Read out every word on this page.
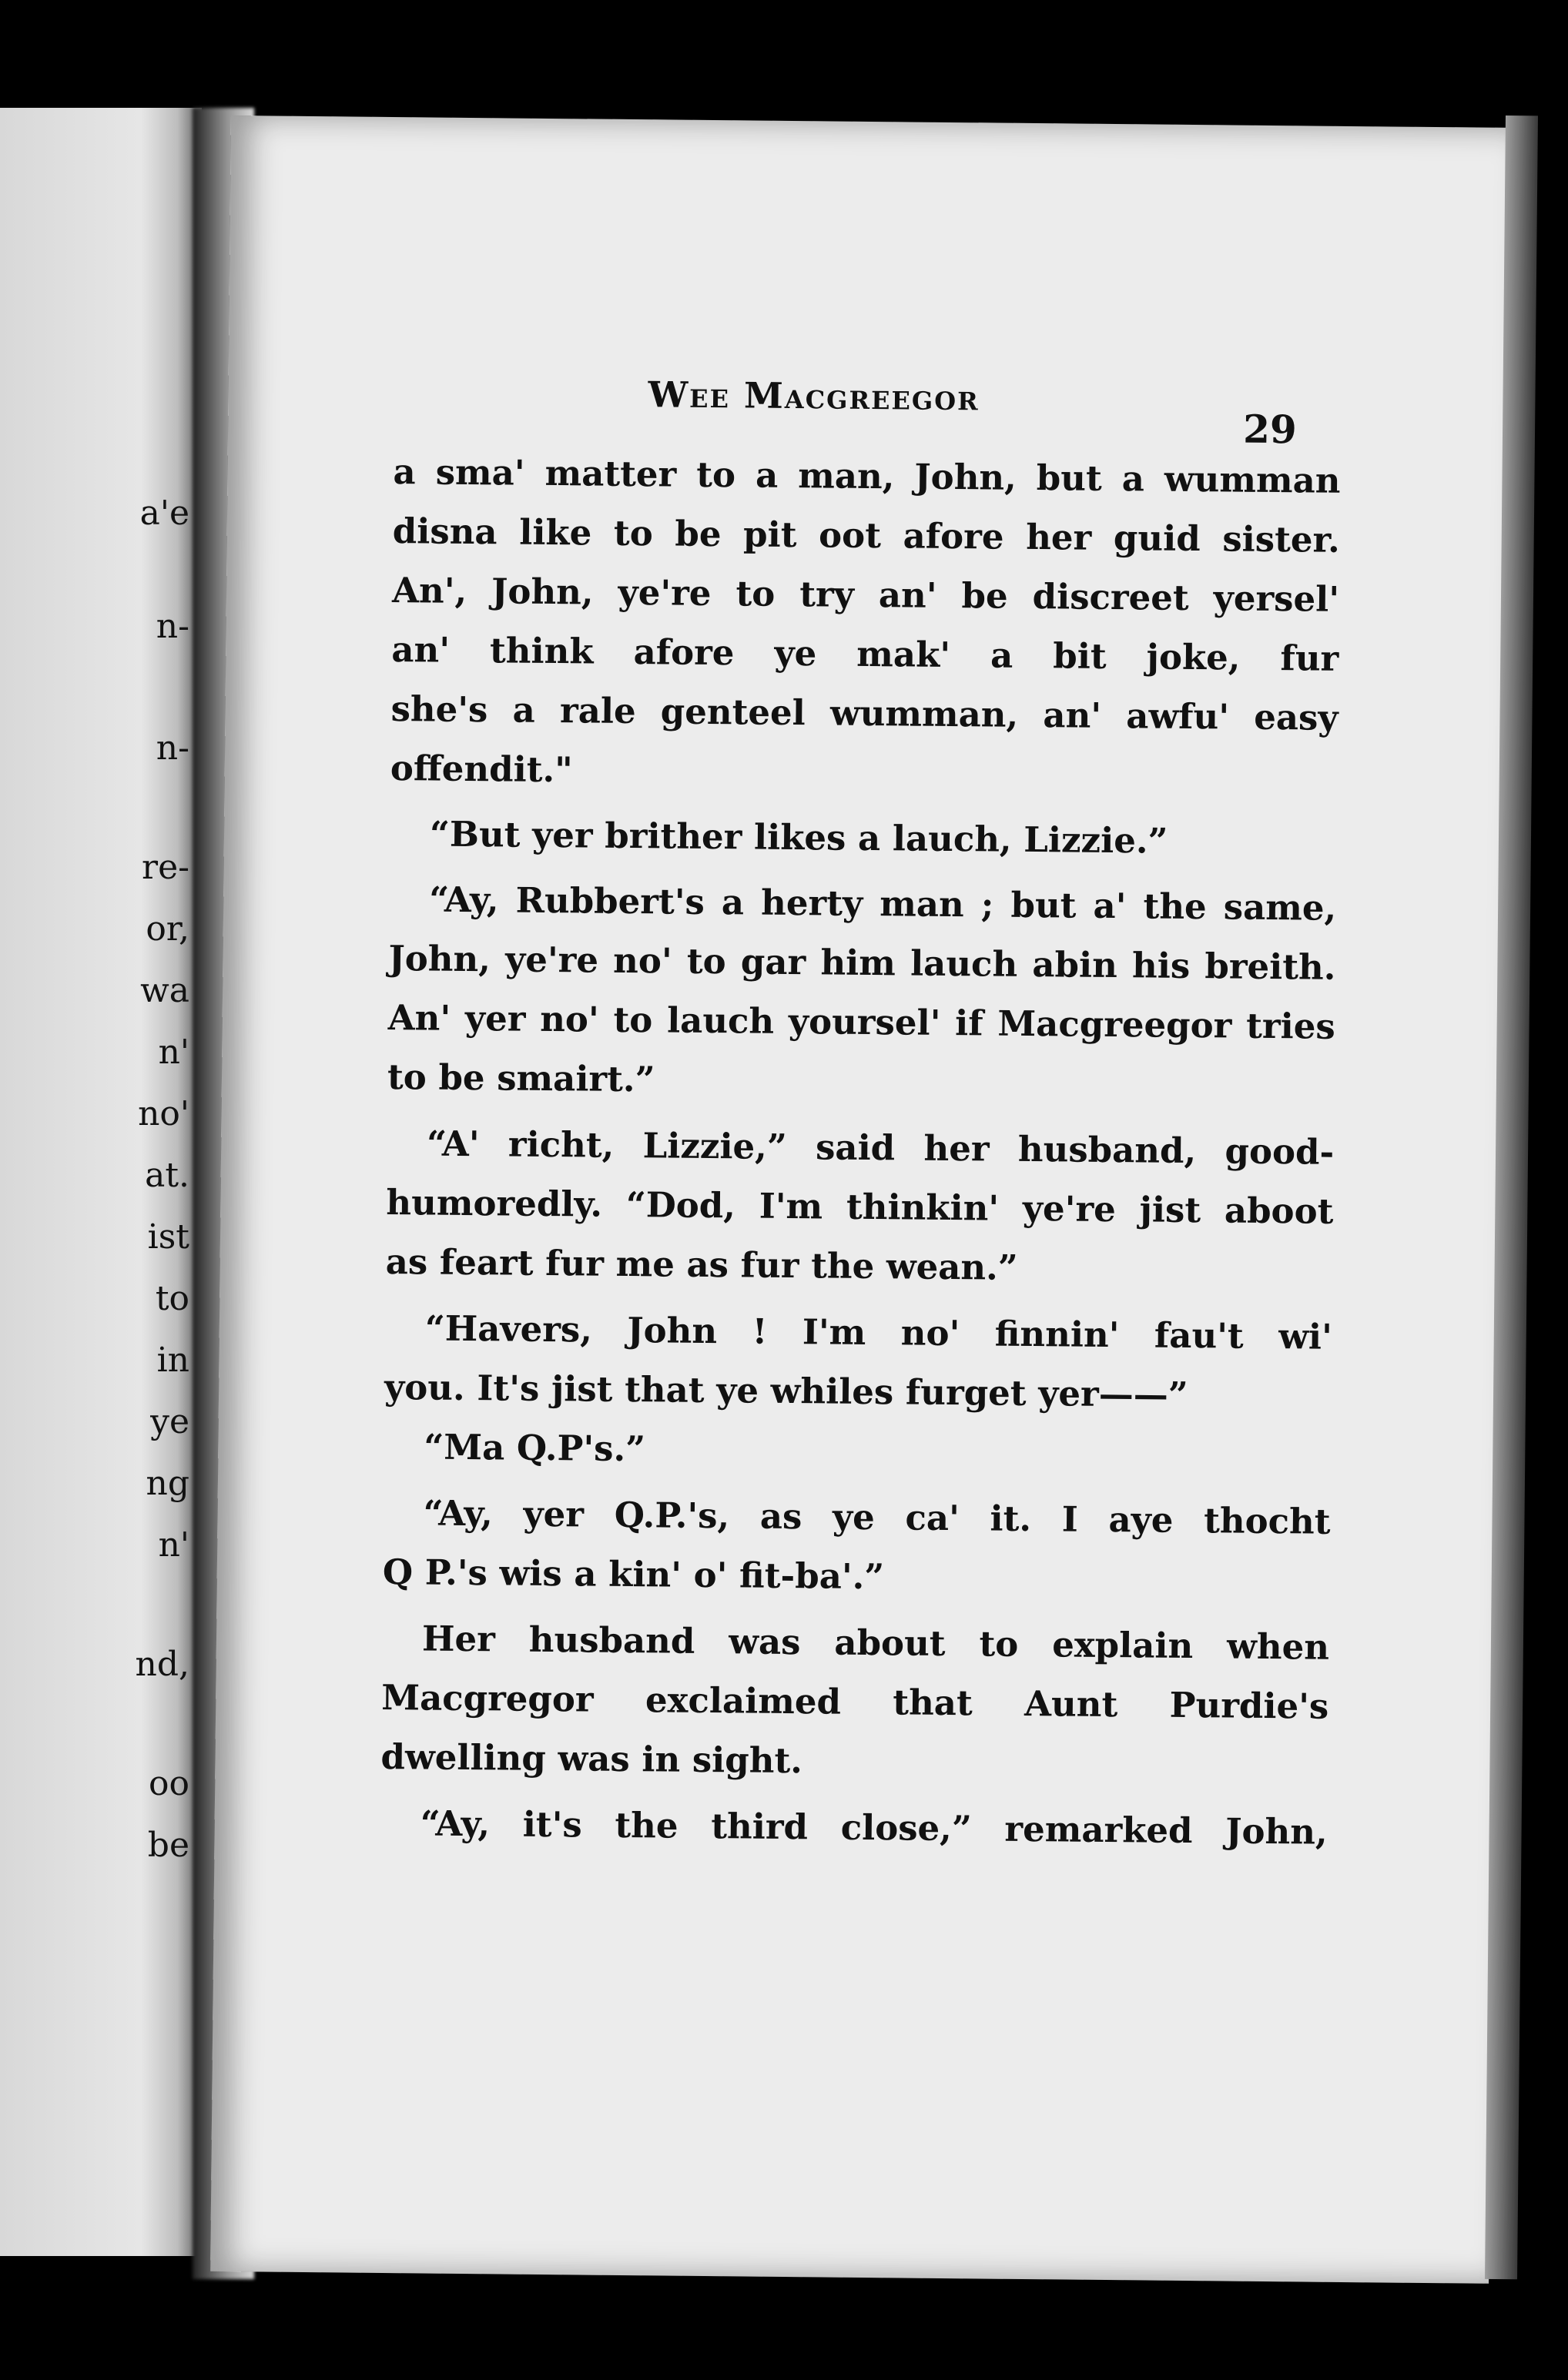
a'e
n-
n-
re-
or,
wa
n'
no'
at.
ist
to
in
ye
ng
n'
nd,
oo
be
Wee Macgreegor
29
a sma' matter to a man, John, but a wumman
disna like to be pit oot afore her guid sister.
An', John, ye're to try an' be discreet yersel'
an' think afore ye mak' a bit joke, fur
she's a rale genteel wumman, an' awfu' easy
offendit."
“But yer brither likes a lauch, Lizzie.”
“Ay, Rubbert's a herty man ; but a' the same,
John, ye're no' to gar him lauch abin his breith.
An' yer no' to lauch yoursel' if Macgreegor tries
to be smairt.”
“A' richt, Lizzie,” said her husband, good-
humoredly. “Dod, I'm thinkin' ye're jist aboot
as feart fur me as fur the wean.”
“Havers, John ! I'm no' finnin' fau't wi'
you. It's jist that ye whiles furget yer——”
“Ma Q.P's.”
“Ay, yer Q.P.'s, as ye ca' it. I aye thocht
Q P.'s wis a kin' o' fit-ba'.”
Her husband was about to explain when
Macgregor exclaimed that Aunt Purdie's
dwelling was in sight.
“Ay, it's the third close,” remarked John,
